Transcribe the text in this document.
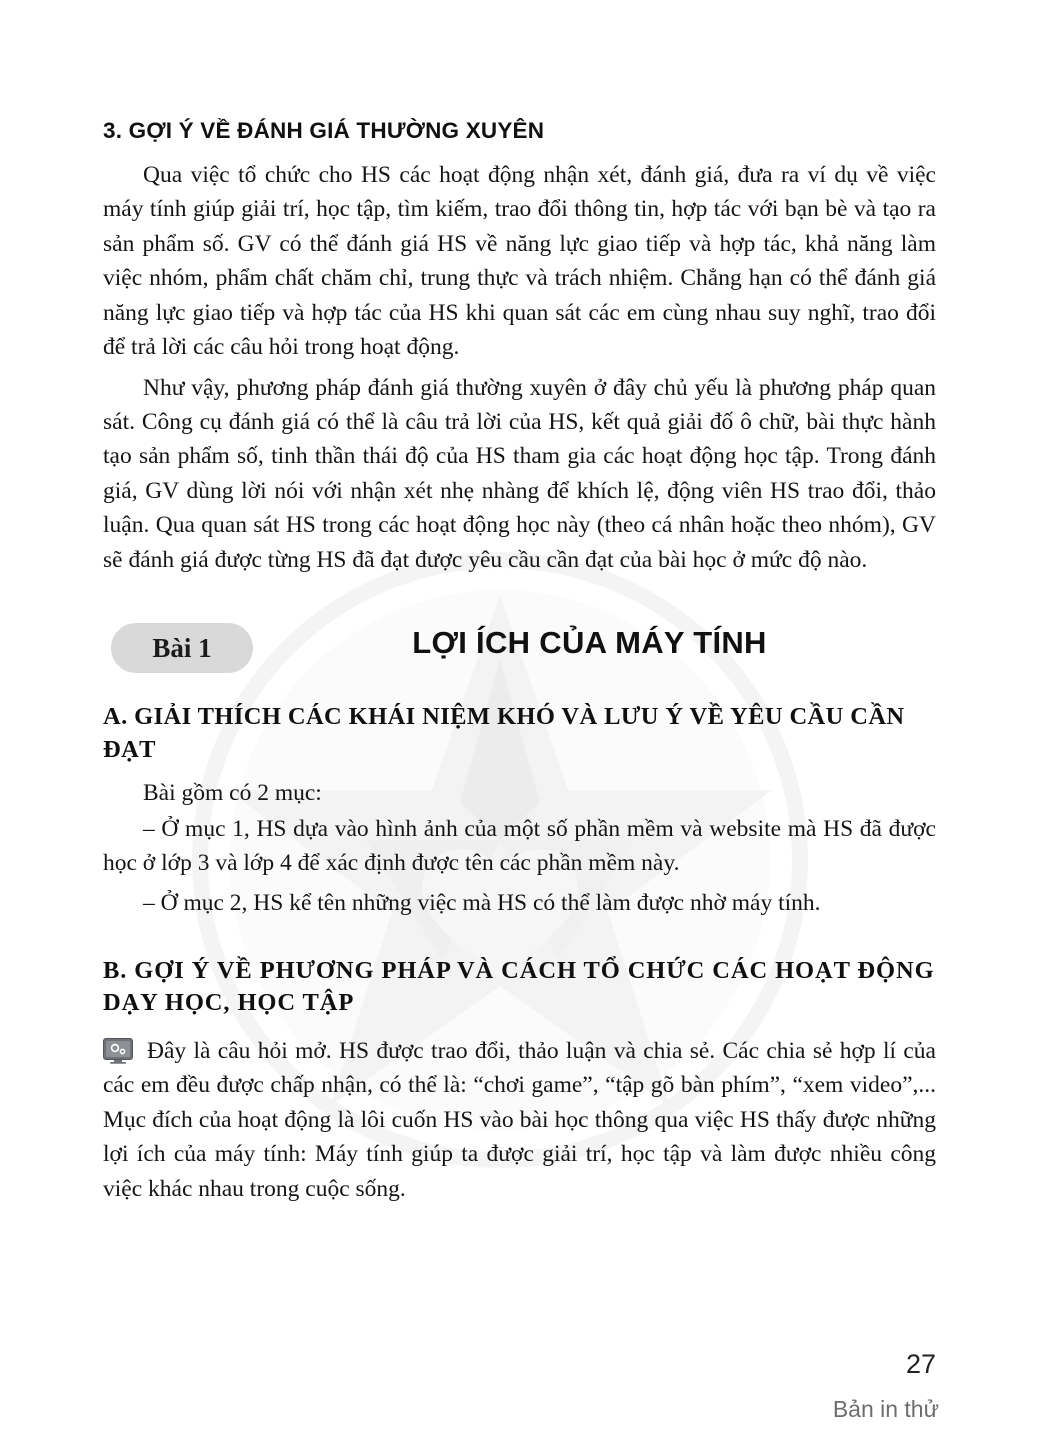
3. GỢI Ý VỀ ĐÁNH GIÁ THƯỜNG XUYÊN

Qua việc tổ chức cho HS các hoạt động nhận xét, đánh giá, đưa ra ví dụ về việc máy tính giúp giải trí, học tập, tìm kiếm, trao đổi thông tin, hợp tác với bạn bè và tạo ra sản phẩm số. GV có thể đánh giá HS về năng lực giao tiếp và hợp tác, khả năng làm việc nhóm, phẩm chất chăm chỉ, trung thực và trách nhiệm. Chẳng hạn có thể đánh giá năng lực giao tiếp và hợp tác của HS khi quan sát các em cùng nhau suy nghĩ, trao đổi để trả lời các câu hỏi trong hoạt động.

Như vậy, phương pháp đánh giá thường xuyên ở đây chủ yếu là phương pháp quan sát. Công cụ đánh giá có thể là câu trả lời của HS, kết quả giải đố ô chữ, bài thực hành tạo sản phẩm số, tinh thần thái độ của HS tham gia các hoạt động học tập. Trong đánh giá, GV dùng lời nói với nhận xét nhẹ nhàng để khích lệ, động viên HS trao đổi, thảo luận. Qua quan sát HS trong các hoạt động học này (theo cá nhân hoặc theo nhóm), GV sẽ đánh giá được từng HS đã đạt được yêu cầu cần đạt của bài học ở mức độ nào.

Bài 1	LỢI ÍCH CỦA MÁY TÍNH
A. GIẢI THÍCH CÁC KHÁI NIỆM KHÓ VÀ LƯU Ý VỀ YÊU CẦU CẦN ĐẠT

Bài gồm có 2 mục:

– Ở mục 1, HS dựa vào hình ảnh của một số phần mềm và website mà HS đã được học ở lớp 3 và lớp 4 để xác định được tên các phần mềm này.

– Ở mục 2, HS kể tên những việc mà HS có thể làm được nhờ máy tính.

B. GỢI Ý VỀ PHƯƠNG PHÁP VÀ CÁCH TỔ CHỨC CÁC HOẠT ĐỘNG DẠY HỌC, HỌC TẬP

Đây là câu hỏi mở. HS được trao đổi, thảo luận và chia sẻ. Các chia sẻ hợp lí của các em đều được chấp nhận, có thể là: “chơi game”, “tập gõ bàn phím”, “xem video”,... Mục đích của hoạt động là lôi cuốn HS vào bài học thông qua việc HS thấy được những lợi ích của máy tính: Máy tính giúp ta được giải trí, học tập và làm được nhiều công việc khác nhau trong cuộc sống.

27
Bản in thử
